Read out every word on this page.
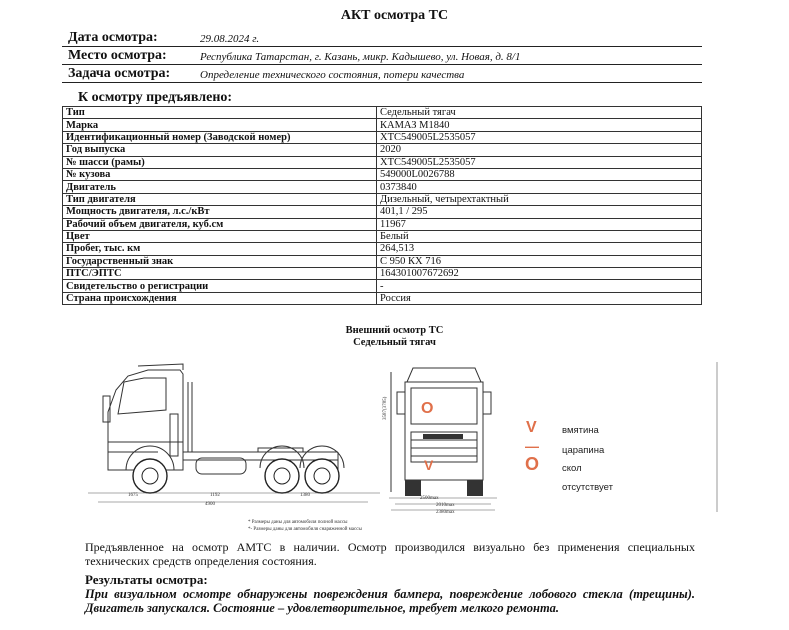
АКТ осмотра ТС
Дата осмотра:	29.08.2024 г.
Место осмотра:	Республика Татарстан, г. Казань, микр. Кадышево, ул. Новая, д. 8/1
Задача осмотра:	Определение технического состояния, потери качества
К осмотру предъявлено:
Тип	Седельный тягач
Марка	КАМАЗ М1840
Идентификационный номер (Заводской номер)	XTC549005L2535057
Год выпуска	2020
№ шасси (рамы)	XTC549005L2535057
№ кузова	549000L0026788
Двигатель	0373840
Тип двигателя	Дизельный, четырехтактный
Мощность двигателя, л.с./кВт	401,1 / 295
Рабочий объем двигателя, куб.см	11967
Цвет	Белый
Пробег, тыс. км	264,513
Государственный знак	С 950 КХ 716
ПТС/ЭПТС	164301007672692
Свидетельство о регистрации	-
Страна происхождения	Россия
Внешний осмотр ТС
Седельный тягач
1675	1192	1380
4900
3587(3785)
2500max
2010max
2380max
O
V
V
—
O
вмятина
царапина
скол
отсутствует
* Размеры даны для автомобиля полной массы
*- Размеры даны для автомобиля снаряженной массы
Предъявленное на осмотр АМТС в наличии. Осмотр производился визуально без применения специальных технических средств определения состояния.
Результаты осмотра:
При визуальном осмотре обнаружены повреждения бампера, повреждение лобового стекла (трещины). Двигатель запускался. Состояние – удовлетворительное, требует мелкого ремонта.
